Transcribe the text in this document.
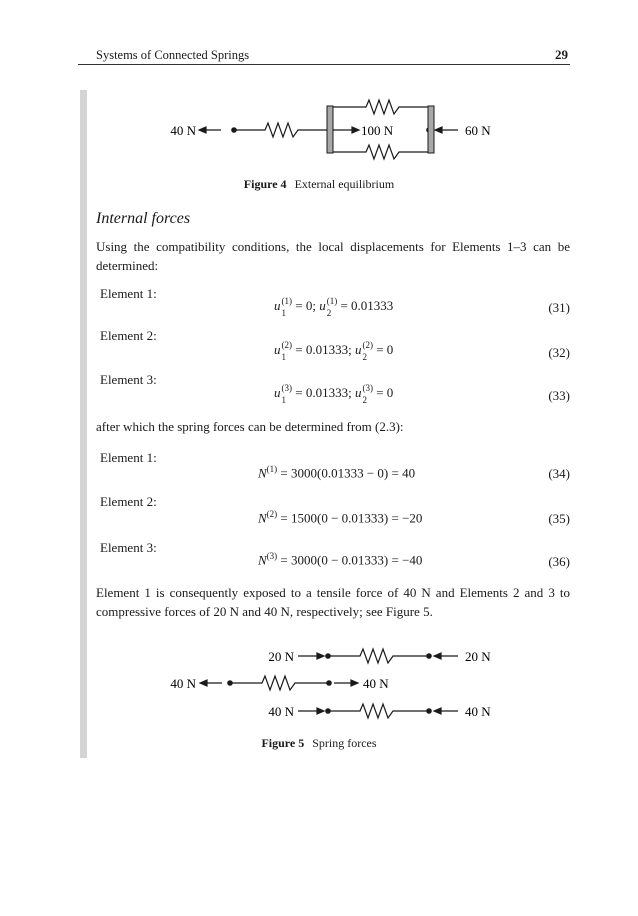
Systems of Connected Springs	29
40 N	100 N	60 N
Figure 4 External equilibrium
Internal forces
Using the compatibility conditions, the local displacements for Elements 1–3 can be determined:
Element 1:
u (1)
1
= 0; u (1)
2
= 0.01333	(31)
Element 2:
u (2)
1
= 0.01333; u (2)
2
= 0	(32)
Element 3:
u (3)
1
= 0.01333; u (3)
2
= 0	(33)
after which the spring forces can be determined from (2.3):
Element 1:
$N^{(1)} = 3000(0.01333 - 0) = 40$	(34)
Element 2:
$N^{(2)} = 1500(0 - 0.01333) = -20$	(35)
Element 3:
$N^{(3)} = 3000(0 - 0.01333) = -40$	(36)
Element 1 is consequently exposed to a tensile force of 40 N and Elements 2 and 3 to compressive forces of 20 N and 40 N, respectively; see Figure 5.
20 N	20 N
40 N	40 N
40 N	40 N
Figure 5 Spring forces
